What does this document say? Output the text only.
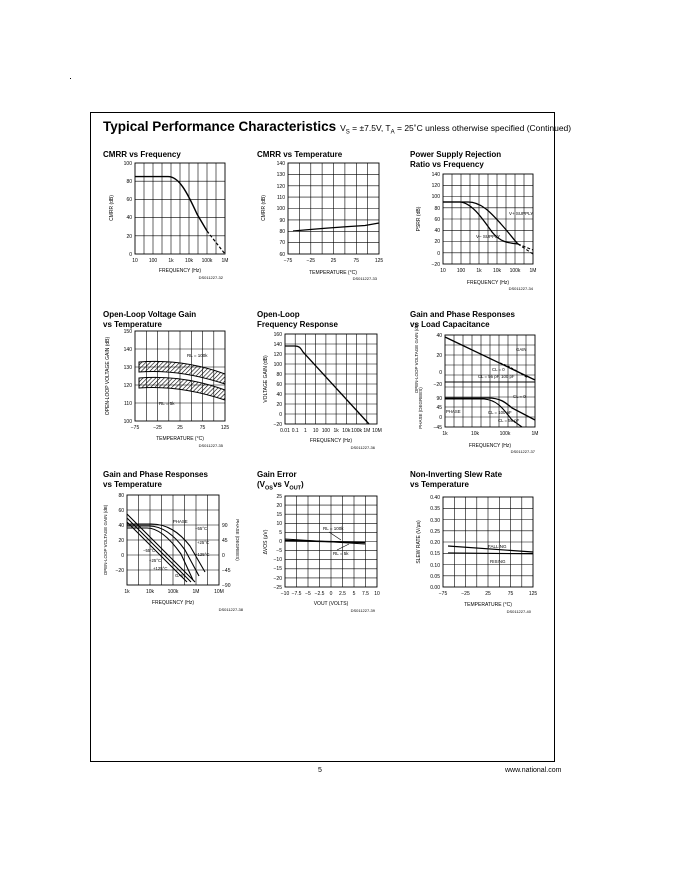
Typical Performance Characteristics $V_S = \pm 7.5V$, $T_A$ = 25˚C unless otherwise specified (Continued)
CMRR vs Frequency	CMRR vs Temperature	Power Supply Rejection
Ratio vs Frequency
Open-Loop Voltage Gain
vs Temperature
Open-Loop
Frequency Response
Gain and Phase Responses
vs Load Capacitance
Gain and Phase Responses
vs Temperature
Gain Error
($V_{OS}vs$ $V_{OUT}$)
Non-Inverting Slew Rate
vs Temperature
100
80
60
40
20
0
10 100 1k 10k 100k 1M
FREQUENCY (Hz)
CMRR (dB)
DS011227-32
140
130
120
110
100
90
80
70
60
−75	−25	25	75	125
TEMPERATURE (°C)
CMRR (dB)
DS011227-33
V+ SUPPLY
V− SUPPLY
140
120
100
80
60
40
20
0
−20
10 100 1k 10k 100k 1M
FREQUENCY (Hz)
PSRR (dB)
DS011227-34
RL = 100k
RL = 5k
150
140
130
120
110
100
−75	−25	25	75	125
TEMPERATURE (°C)
OPEN-LOOP VOLTAGE GAIN (dB)
DS011227-35
160
140
120
100
80
60
40
20
0
−20
0.01 0.1 1 10 100 1k 10k 100k 1M 10M
FREQUENCY (Hz)
VOLTAGE GAIN (dB)
DS011227-36
GAIN
CL = 0
CL = 56 pF, 100 pF
PHASE
CL = 0
CL = 100 pF
CL = 56 pF
40
20
0
−20
90
45
0
−45
1k	10k	100k	1M
FREQUENCY (Hz)
OPEN-LOOP VOLTAGE GAIN (dB)
PHASE (DEGREES)
DS011227-37
PHASE
−55°C
+25°C
+125°C
−55°C
+25°C
+125°C
GAIN
80
60
40
20
0
−20
90
45
0
−45
−90
1k	10k	100k	1M	10M
FREQUENCY (Hz)
OPEN-LOOP VOLTAGE GAIN (dB)	PHASE (DEGREES)
DS011227-38
RL = 100k
RL = 5k
25
20
15
10
5
0
−5
−10
−15
−20
−25
−10 −7.5 −5 −2.5 0 2.5 5 7.5 10
VOUT (VOLTS)
ΔVOS (μV)
DS011227-39
FALLING
RISING
0.40
0.35
0.30
0.25
0.20
0.15
0.10
0.05
0.00
−75	−25	25	75	125
TEMPERATURE (°C)
SLEW RATE (V/μs)
DS011227-40
5	www.national.com
